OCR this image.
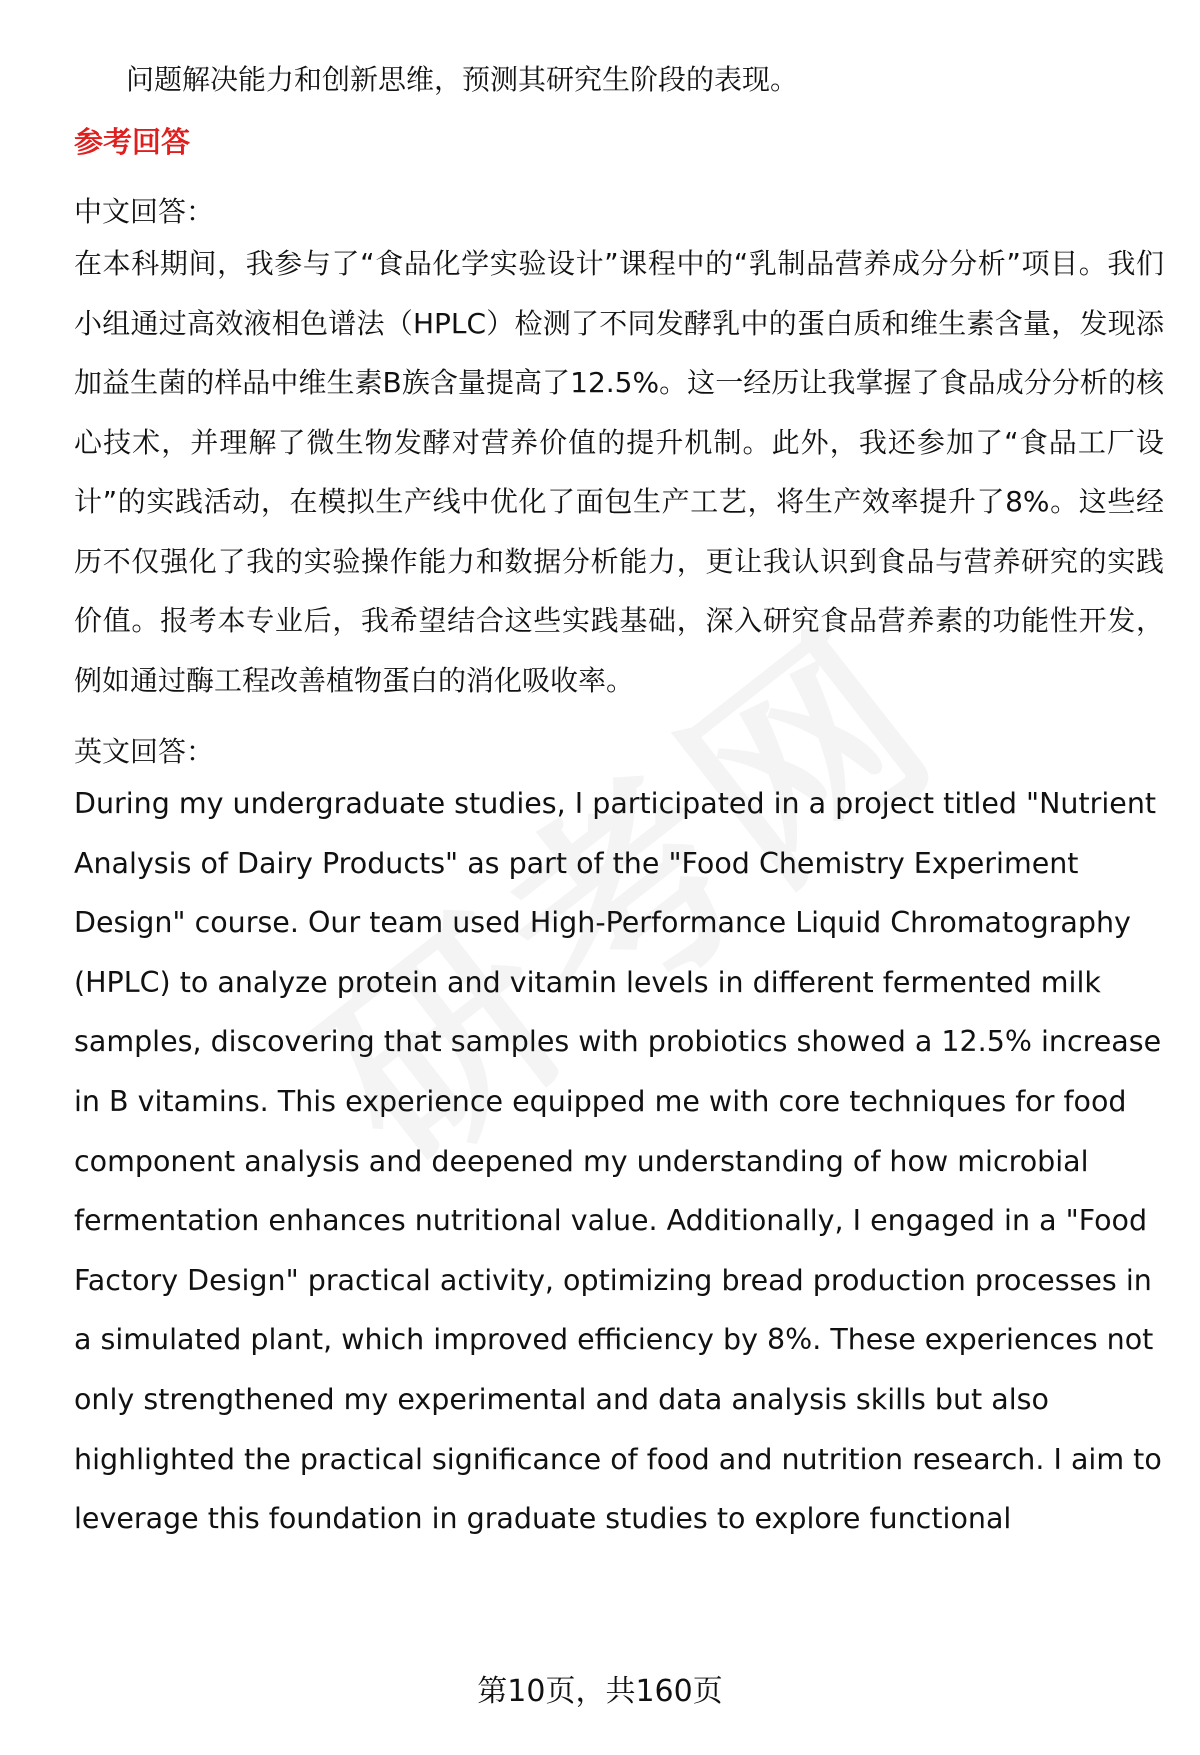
问题解决能力和创新思维，预测其研究生阶段的表现。
参考回答
中文回答：

在本科期间，我参与了“食品化学实验设计”课程中的“乳制品营养成分分析”项目。我们小组通过高效液相色谱法（HPLC）检测了不同发酵乳中的蛋白质和维生素含量，发现添加益生菌的样品中维生素B族含量提高了12.5%。这一经历让我掌握了食品成分分析的核心技术，并理解了微生物发酵对营养价值的提升机制。此外，我还参加了“食品工厂设计”的实践活动，在模拟生产线中优化了面包生产工艺，将生产效率提升了8%。这些经历不仅强化了我的实验操作能力和数据分析能力，更让我认识到食品与营养研究的实践价值。报考本专业后，我希望结合这些实践基础，深入研究食品营养素的功能性开发，例如通过酶工程改善植物蛋白的消化吸收率。

英文回答：

During my undergraduate studies, I participated in a project titled "Nutrient Analysis of Dairy Products" as part of the "Food Chemistry Experiment Design" course. Our team used High-Performance Liquid Chromatography (HPLC) to analyze protein and vitamin levels in different fermented milk samples, discovering that samples with probiotics showed a 12.5% increase in B vitamins. This experience equipped me with core techniques for food component analysis and deepened my understanding of how microbial fermentation enhances nutritional value. Additionally, I engaged in a "Food Factory Design" practical activity, optimizing bread production processes in a simulated plant, which improved efficiency by 8%. These experiences not only strengthened my experimental and data analysis skills but also highlighted the practical significance of food and nutrition research. I aim to leverage this foundation in graduate studies to explore functional

第10页，共160页
